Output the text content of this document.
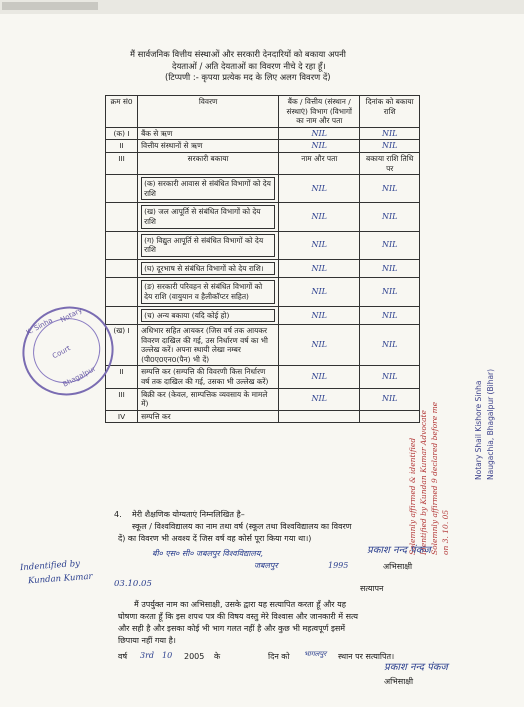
मैं सार्वजनिक वित्तीय संस्थाओं और सरकारी देनदारियों को बकाया अपनी
देयताओं / अति देयताओं का विवरण नीचे दे रहा हूँ।
(टिप्पणी :- कृपया प्रत्येक मद के लिए अलग विवरण दें)
क्रम सं0	विवरण	बैंक / वित्तीय (संस्थान / संस्थाएं) विभाग (विभागों का नाम और पता	दिनांक को बकाया राशि
(क) I	बैंक से ऋण	NIL	NIL
II	वित्तीय संस्थानों से ऋण	NIL	NIL
III	सरकारी बकाया	नाम और पता	बकाया राशि तिथि पर

	(क) सरकारी आवास से संबंधित विभागों को देय राशि	NIL	NIL

	(ख) जल आपूर्ति से संबंधित विभागों को देय राशि	NIL	NIL

	(ग) विद्युत आपूर्ति से संबंधित विभागों को देय राशि	NIL	NIL

	(घ) दूरभाष से संबंधित विभागों को देय राशि।	NIL	NIL

	(ङ) सरकारी परिवहन से संबंधित विभागों को देय राशि (वायुयान व हैलीकॉप्टर सहित)	NIL	NIL

	(च) अन्य बकाया (यदि कोई हो)	NIL	NIL
(ख) I	अधिभार सहित आयकर (जिस वर्ष तक आयकर विवरण दाखिल की गई, उस निर्धारण वर्ष का भी उल्लेख करें। अपना स्थायी लेखा नम्बर (पी0ए0एन0(पैन) भी दें)	NIL	NIL
II	सम्पत्ति कर (सम्पत्ति की विवरणी किस निर्धारण वर्ष तक दाखिल की गई, उसका भी उल्लेख करें)	NIL	NIL
III	बिक्री कर (केवल, साम्पत्तिक व्यवसाय के मामले में)	NIL	NIL
IV	सम्पत्ति कर		
K. Sinha
Notary
Court
Bhagalpur
Solemnly affirmed & identified Identified by Kundan Kumar Advocate Solemnly affirmed 9 declared before me on 3. 10. 05
Notary Shail Kishore Sinha Naugachia, Bhagalpur (Bihar)
4. मेरी शैक्षणिक योग्यताएं निम्नलिखित है–
स्कूल / विश्वविद्यालय का नाम तथा वर्ष (स्कूल तथा विश्वविद्यालय का विवरण
दें) का विवरण भी अवश्य दें जिस वर्ष वह कोर्स पूरा किया गया था।)
बी० एस० सी० जबलपुर विश्वविद्यालय,
जबलपुर	1995
प्रकाश नन्द पंकज
अभिसाक्षी
Indentified by
Kundan Kumar 03.10.05	सत्यापन
मैं उपर्युक्त नाम का अभिसाक्षी, उसके द्वारा यह सत्यापित करता हूँ और यह
घोषणा करता हूँ कि इस शपथ पत्र की विषय वस्तु मेरे विश्वास और जानकारी में सत्य
और सही है और इसका कोई भी भाग गलत नहीं है और कुछ भी महत्वपूर्ण इसमें
छिपाया नहीं गया है।
वर्ष 3rd 10 2005 के	दिन को भागलपुर स्थान पर सत्यापित।
प्रकाश नन्द पंकज
अभिसाक्षी
